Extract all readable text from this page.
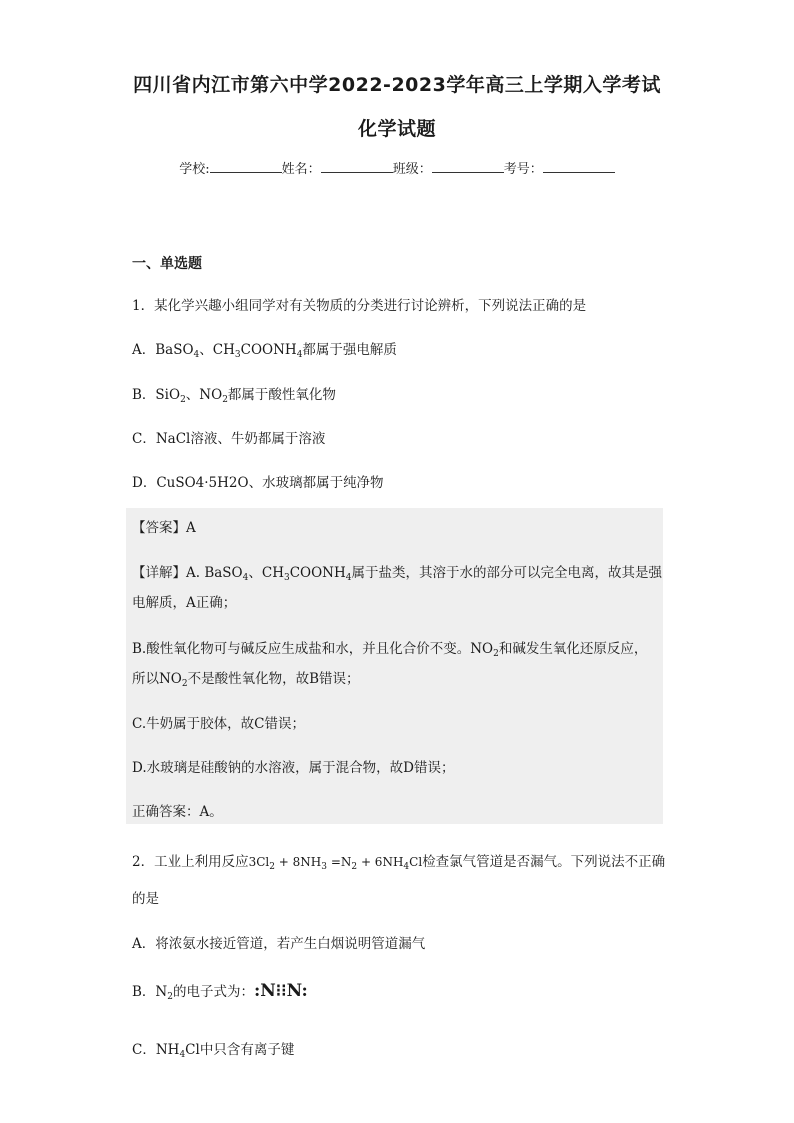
四川省内江市第六中学2022-2023学年高三上学期入学考试
化学试题
学校:	姓名：	班级：	考号：
一、单选题
1．某化学兴趣小组同学对有关物质的分类进行讨论辨析，下列说法正确的是
A．BaSO$_4$、$CH_3COONH_4$都属于强电解质
B．SiO$_2$、$NO_2$都属于酸性氧化物
C．NaCl溶液、牛奶都属于溶液
D．CuSO4·5H2O、水玻璃都属于纯净物
【答案】A
【详解】A. BaSO$_4$、$CH_3COONH_4$属于盐类，其溶于水的部分可以完全电离，故其是强
电解质，A正确；
B.酸性氧化物可与碱反应生成盐和水，并且化合价不变。$NO_2$和碱发生氧化还原反应，
所以$NO_2$不是酸性氧化物，故B错误；
C.牛奶属于胶体，故C错误；
D.水玻璃是硅酸钠的水溶液，属于混合物，故D错误；
正确答案：A。
2．工业上利用反应$3Cl_2 + 8NH_3 =N_2 + 6NH_4Cl$检查氯气管道是否漏气。下列说法不正确
的是
A．将浓氨水接近管道，若产生白烟说明管道漏气
B．$N_2$的电子式为：:N⁝⁝N:
C．$NH_4Cl$中只含有离子键
